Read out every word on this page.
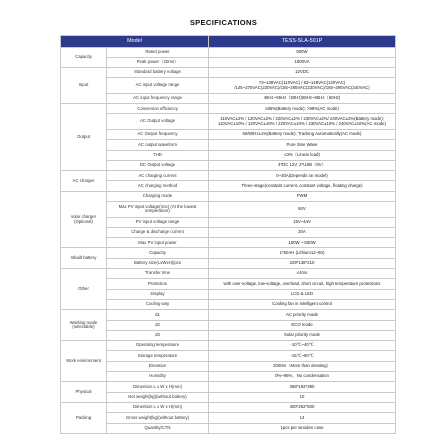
SPECIFICATIONS
Model		TESS-SLA-501P
Capacity	Rated power	500W
	Peak power（20ms）	1500VA
Input	Standard battery voltage	12VDC
	AC input voltage range	73~138VAC(110VAC) / 83~148VAC(120VAC) /145~275VAC(220VAC)/155~285VAC(230VAC)/165~295VAC(240VAC)
	AC input frequency range	45Hz~55Hz（50Hz)55Hz~65Hz（60Hz)
Output	Conversion efficiency	≥85%(Battery mode); >99%(AC mode)
	AC Output voltage	110VAC±2% / 120VAC±2% / 220VAC±2% / 230VAC±2%/ 240VAC±2%(Battery mode); 110VAC±10% / 120VAC±10% / 220VAC±10% / 230VAC±10% / 240VAC±10%(AC mode)
	AC Output frequency	50/60Hz±1%(Battery mode); Tracking Automatically(AC mode)
	AC output waveform	Pure Sine Wave
	THD	≤3%（Linear load)
	DC Output voltage	4*DC 12V, 2*USB（5V）
AC charger	AC charging current	0~30A(Depends on model)
	AC charging method	Three-stage(constant current, constant voltage, floating charge)
solar charger (Optional)	Charging mode	PWM
	Max PV input voltage(Voc) (At the lowest temperature)	50V
	PV input voltage range	15V~44V
	Charge & discharge current	20A
	Max PV input power	150W ~ 550W
Inbuilt battery	Capacity	1*50AH (Lithium12~50)
	Battery size(LxWxH)/pcs	229*138*210
Other	Transfer time	≤4ms
	Protection	with over-voltage, low-voltage, overload, short circuit, high temperature protections
	Display	LCD & LED
	Cooling way	Cooling fan in intelligent control
Working mode (selectable)	d1	AC priority mode
	d2	ECO mode
	d3	Solar priority mode
Work environment	Operating temperature	-10℃~40℃
	Storage temperature	-15℃~60℃
	Elevation	2000m（More than derating）
	Humidity	0%~95%，No condensation
Physical	Dimention L x W x H(mm)	358*192*390
	Net weight(kg)(without battery)	10
Packing	Dimention L x W x H(mm)	400*252*500
	Gross weight(kg)(without battery)	14
	Quantity/CTN	1pcs per wooden case
